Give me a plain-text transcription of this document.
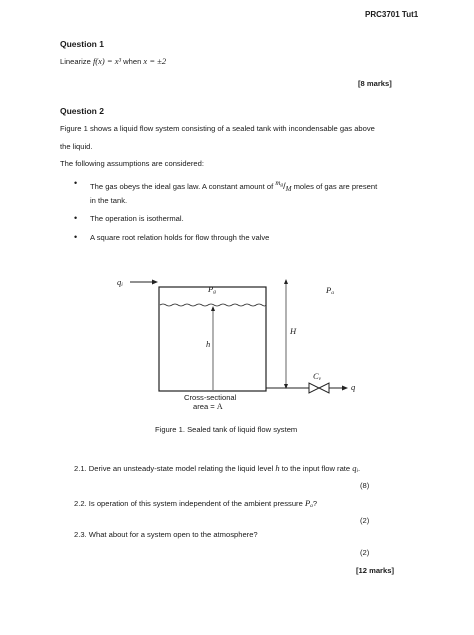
PRC3701 Tut1
Question 1
Linearize f(x) = x³ when x = ±2
[8 marks]
Question 2
Figure 1 shows a liquid flow system consisting of a sealed tank with incondensable gas above
the liquid.
The following assumptions are considered:
• The gas obeys the ideal gas law. A constant amount of mg/M moles of gas are present
in the tank.
• The operation is isothermal.
• A square root relation holds for flow through the valve
qi	Pg	Pa
H
h
Cv
q
Cross-sectional
area = A
Figure 1. Sealed tank of liquid flow system
2.1. Derive an unsteady-state model relating the liquid level h to the input flow rate qi.
(8)
2.2. Is operation of this system independent of the ambient pressure Pa?
(2)
2.3. What about for a system open to the atmosphere?
(2)
[12 marks]
